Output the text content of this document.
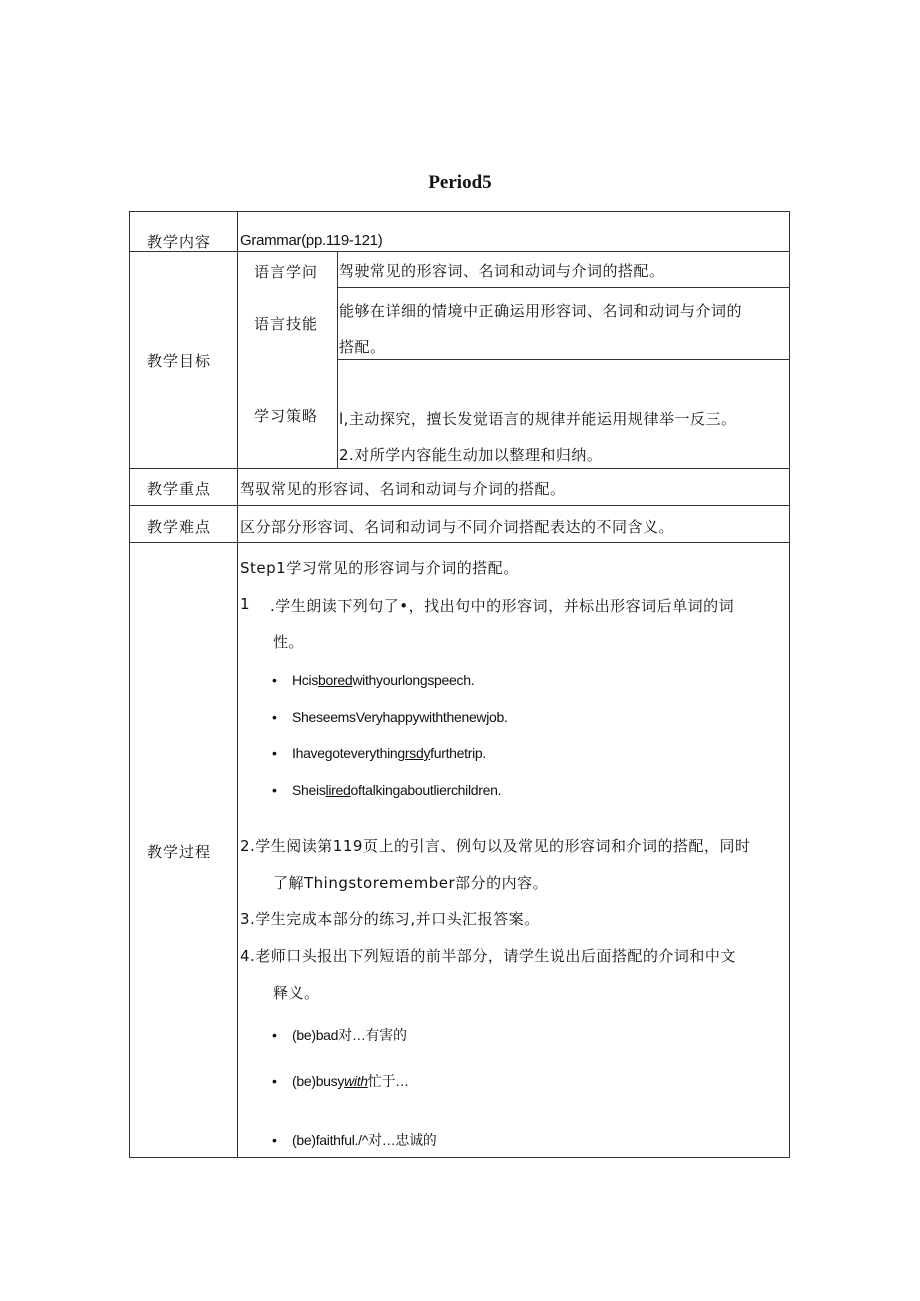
Period5
教学内容 Grammar(pp.119-121)
教学目标
语言学问 驾驶常见的形容词、名词和动词与介词的搭配。
语言技能
能够在详细的情境中正确运用形容词、名词和动词与介词的
搭配。
学习策略 l,主动探究，擅长发觉语言的规律并能运用规律举一反三。
2.对所学内容能生动加以整理和归纳。
教学重点 驾驭常见的形容词、名词和动词与介词的搭配。
教学难点 区分部分形容词、名词和动词与不同介词搭配表达的不同含义。
教学过程
Step1学习常见的形容词与介词的搭配。
1 .学生朗读下列句了•，找出句中的形容词，并标出形容词后单词的词
性。
• Hcisboredwithyourlongspeech.
• SheseemsVeryhappywiththenewjob.
• Ihavegoteverythingrsdyfurthetrip.
• Sheisliredoftalkingaboutlierchildren.
2.学生阅读第119页上的引言、例句以及常见的形容词和介词的搭配，同时
了解Thingstoremember部分的内容。
3.学生完成本部分的练习,并口头汇报答案。
4.老师口头报出下列短语的前半部分，请学生说出后面搭配的介词和中文
释义。
• (be)bad对…有害的
• (be)busywith忙于…
• (be)faithful./^对…忠诚的
